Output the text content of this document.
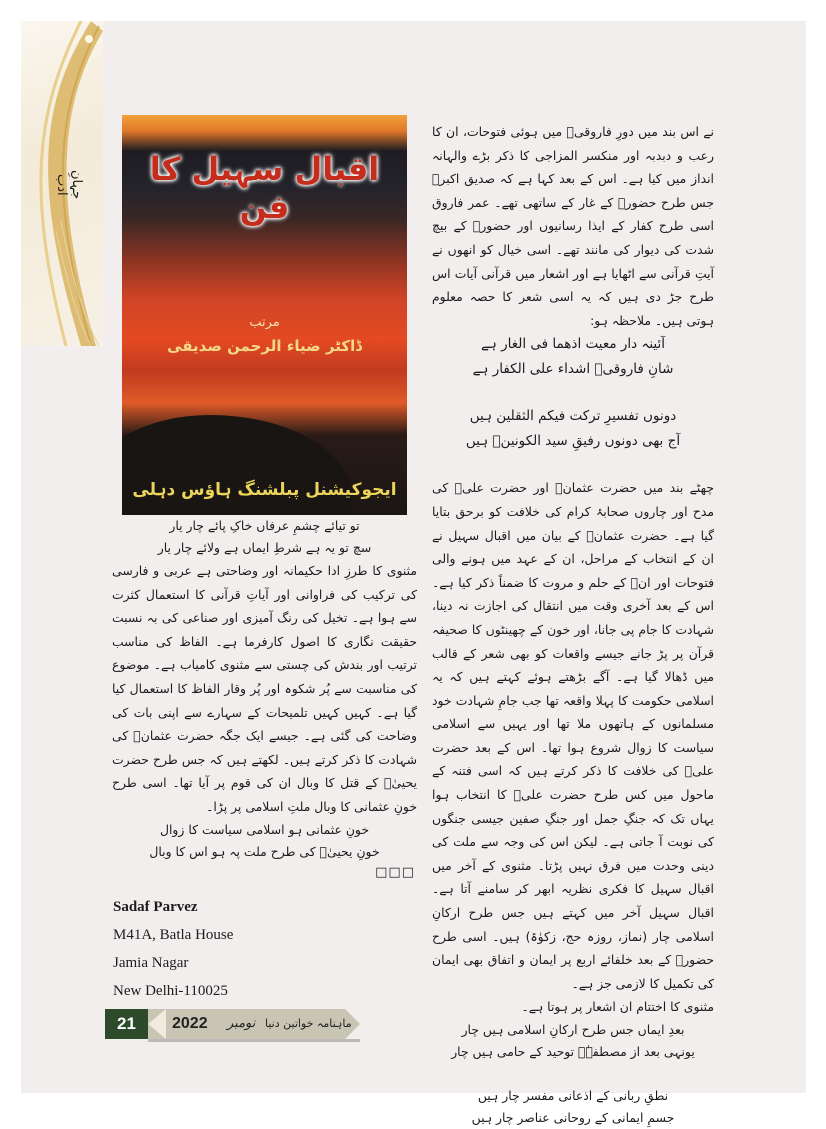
جہانِ ادب	اقبال سہیل کا فن
مرتب
ڈاکٹر ضیاء الرحمن صدیقی
ایجوکیشنل پبلشنگ ہاؤس دہلی
نے اس بند میں دورِ فاروقیؓ میں ہوئی فتوحات، ان کا رعب و دبدبہ اور منکسر المزاجی کا ذکر بڑے والہانہ انداز میں کیا ہے۔ اس کے بعد کہا ہے کہ صدیق اکبرؓ جس طرح حضورؐ کے غار کے ساتھی تھے۔ عمر فاروق اسی طرح کفار کے ایذا رسانیوں اور حضورؐ کے بیچ شدت کی دیوار کی مانند تھے۔ اسی خیال کو انھوں نے آیتِ قرآنی سے اٹھایا ہے اور اشعار میں قرآنی آیات اس طرح جڑ دی ہیں کہ یہ اسی شعر کا حصہ معلوم ہوتی ہیں۔ ملاحظہ ہو:
آئینہ دار معیت اذھما فی الغار ہے
شانِ فاروقیؓ اشداء علی الکفار ہے
دونوں تفسیرِ ترکت فیکم الثقلین ہیں
آج بھی دونوں رفیقِ سید الکونینؐ ہیں
چھٹے بند میں حضرت عثمانؓ اور حضرت علیؓ کی مدح اور چاروں صحابۂ کرام کی خلافت کو برحق بتایا گیا ہے۔ حضرت عثمانؓ کے بیان میں اقبال سہیل نے ان کے انتخاب کے مراحل، ان کے عہد میں ہونے والی فتوحات اور انؓ کے حلم و مروت کا ضمناً ذکر کیا ہے۔ اس کے بعد آخری وقت میں انتقال کی اجازت نہ دینا، شہادت کا جام پی جانا، اور خون کے چھینٹوں کا صحیفہ قرآن پر پڑ جانے جیسے واقعات کو بھی شعر کے قالب میں ڈھالا گیا ہے۔ آگے بڑھتے ہوئے کہتے ہیں کہ یہ اسلامی حکومت کا پہلا واقعہ تھا جب جامِ شہادت خود مسلمانوں کے ہاتھوں ملا تھا اور یہیں سے اسلامی سیاست کا زوال شروع ہوا تھا۔ اس کے بعد حضرت علیؓ کی خلافت کا ذکر کرتے ہیں کہ اسی فتنہ کے ماحول میں کس طرح حضرت علیؓ کا انتخاب ہوا یہاں تک کہ جنگِ جمل اور جنگِ صفین جیسی جنگوں کی نوبت آ جاتی ہے۔ لیکن اس کی وجہ سے ملت کی دینی وحدت میں فرق نہیں پڑتا۔ مثنوی کے آخر میں اقبال سہیل کا فکری نظریہ ابھر کر سامنے آتا ہے۔ اقبال سہیل آخر میں کہتے ہیں جس طرح ارکانِ اسلامی چار (نماز، روزہ حج، زکوٰۃ) ہیں۔ اسی طرح حضورؐ کے بعد خلفائے اربع پر ایمان و اتفاق بھی ایمان کی تکمیل کا لازمی جز ہے۔
مثنوی کا اختتام ان اشعار پر ہوتا ہے۔
بعدِ ایماں جس طرح ارکانِ اسلامی ہیں چار
یونہی بعد از مصطفےٰؐ توحید کے حامی ہیں چار
نطقِ ربانی کے اذعانی مفسر چار ہیں
جسمِ ایمانی کے روحانی عناصر چار ہیں
تو تیائے چشمِ عرفاں خاکِ پائے چار یار
سچ تو یہ ہے شرطِ ایماں ہے ولائے چار یار
مثنوی کا طرزِ ادا حکیمانہ اور وضاحتی ہے عربی و فارسی کی ترکیب کی فراوانی اور آیاتِ قرآنی کا استعمال کثرت سے ہوا ہے۔ تخیل کی رنگ آمیزی اور صناعی کی بہ نسبت حقیقت نگاری کا اصول کارفرما ہے۔ الفاظ کی مناسب ترتیب اور بندش کی چستی سے مثنوی کامیاب ہے۔ موضوع کی مناسبت سے پُر شکوہ اور پُر وقار الفاظ کا استعمال کیا گیا ہے۔ کہیں کہیں تلمیحات کے سہارے سے اپنی بات کی وضاحت کی گئی ہے۔ جیسے ایک جگہ حضرت عثمانؓ کی شہادت کا ذکر کرتے ہیں۔ لکھتے ہیں کہ جس طرح حضرت یحییٰؑ کے قتل کا وبال ان کی قوم پر آیا تھا۔ اسی طرح خونِ عثمانی کا وبال ملتِ اسلامی پر پڑا۔
خونِ عثمانی ہو اسلامی سیاست کا زوال
خونِ یحییٰؑ کی طرح ملت پہ ہو اس کا وبال
□□□
Sadaf Parvez
M41A, Batla House
Jamia Nagar
New Delhi-110025
21	2022 نومبر ماہنامہ خواتین دنیا
